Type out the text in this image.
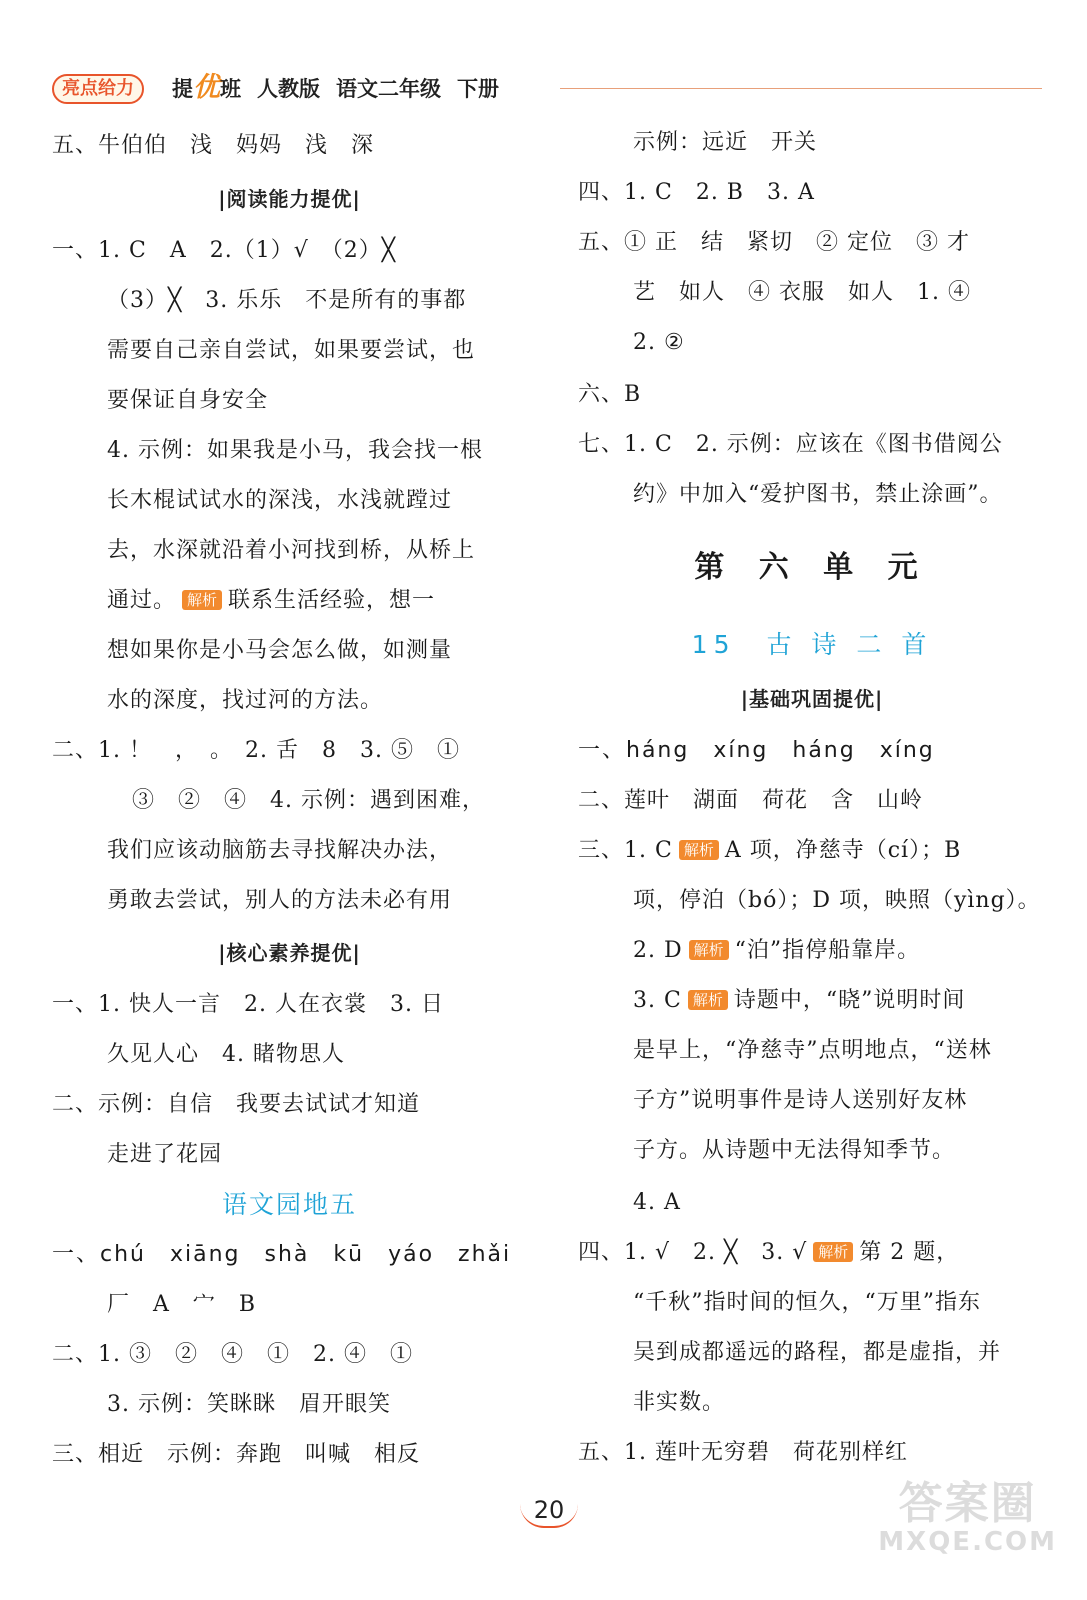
亮点给力	提优班 人教版 语文二年级 下册
五、牛伯伯　浅　妈妈　浅　深
|阅读能力提优|
一、1. C　A　2.（1）√　（2）╳
（3）╳　3. 乐乐　不是所有的事都
需要自己亲自尝试，如果要尝试，也
要保证自身安全
4. 示例：如果我是小马，我会找一根
长木棍试试水的深浅，水浅就蹚过
去，水深就沿着小河找到桥，从桥上
通过。 解析 联系生活经验，想一
想如果你是小马会怎么做，如测量
水的深度，找过河的方法。
二、1. ！　，　。　2. 舌　8　3. ⑤　①
③　②　④　4. 示例：遇到困难，
我们应该动脑筋去寻找解决办法，
勇敢去尝试，别人的方法未必有用
|核心素养提优|
一、1. 快人一言　2. 人在衣裳　3. 日
久见人心　4. 睹物思人
二、示例：自信　我要去试试才知道
走进了花园
语文园地五
一、chú　xiāng　shà　kū　yáo　zhǎi
厂　A　宀　B
二、1. ③　②　④　①　2. ④　①
3. 示例：笑眯眯　眉开眼笑
三、相近　示例：奔跑　叫喊　相反
示例：远近　开关
四、1. C　2. B　3. A
五、① 正　结　紧切　② 定位　③ 才
艺　如人　④ 衣服　如人　1. ④
2. ②
六、B
七、1. C　2. 示例：应该在《图书借阅公
约》中加入“爱护图书，禁止涂画”。
第 六 单 元
15　古 诗 二 首
|基础巩固提优|
一、háng　xíng　háng　xíng
二、莲叶　湖面　荷花　含　山岭
三、1. C 解析 A 项，净慈寺（cí）；B
项，停泊（bó）；D 项，映照（yìng）。
2. D 解析 “泊”指停船靠岸。
3. C 解析 诗题中，“晓”说明时间
是早上，“净慈寺”点明地点，“送林
子方”说明事件是诗人送别好友林
子方。从诗题中无法得知季节。
4. A
四、1. √　2. ╳　3. √ 解析 第 2 题，
“千秋”指时间的恒久，“万里”指东
吴到成都遥远的路程，都是虚指，并
非实数。
五、1. 莲叶无穷碧　荷花别样红
20	答案圈
MXQE.COM
